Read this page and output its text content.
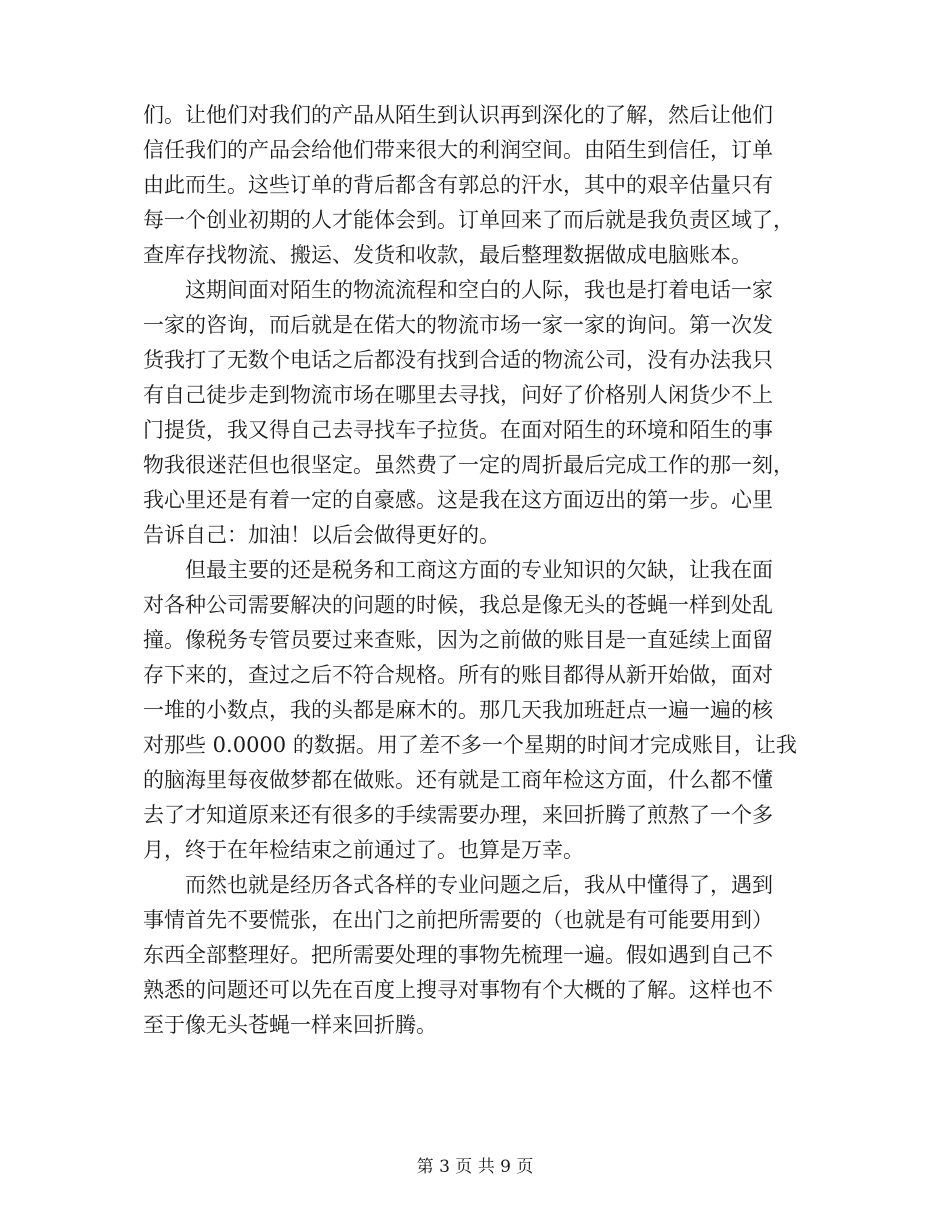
们。让他们对我们的产品从陌生到认识再到深化的了解，然后让他们
信任我们的产品会给他们带来很大的利润空间。由陌生到信任，订单
由此而生。这些订单的背后都含有郭总的汗水，其中的艰辛估量只有
每一个创业初期的人才能体会到。订单回来了而后就是我负责区域了，
查库存找物流、搬运、发货和收款，最后整理数据做成电脑账本。
　　这期间面对陌生的物流流程和空白的人际，我也是打着电话一家
一家的咨询，而后就是在偌大的物流市场一家一家的询问。第一次发
货我打了无数个电话之后都没有找到合适的物流公司，没有办法我只
有自己徒步走到物流市场在哪里去寻找，问好了价格别人闲货少不上
门提货，我又得自己去寻找车子拉货。在面对陌生的环境和陌生的事
物我很迷茫但也很坚定。虽然费了一定的周折最后完成工作的那一刻，
我心里还是有着一定的自豪感。这是我在这方面迈出的第一步。心里
告诉自己：加油！以后会做得更好的。
　　但最主要的还是税务和工商这方面的专业知识的欠缺，让我在面
对各种公司需要解决的问题的时候，我总是像无头的苍蝇一样到处乱
撞。像税务专管员要过来查账，因为之前做的账目是一直延续上面留
存下来的，查过之后不符合规格。所有的账目都得从新开始做，面对
一堆的小数点，我的头都是麻木的。那几天我加班赶点一遍一遍的核
对那些 0.0000 的数据。用了差不多一个星期的时间才完成账目，让我
的脑海里每夜做梦都在做账。还有就是工商年检这方面，什么都不懂
去了才知道原来还有很多的手续需要办理，来回折腾了煎熬了一个多
月，终于在年检结束之前通过了。也算是万幸。
　　而然也就是经历各式各样的专业问题之后，我从中懂得了，遇到
事情首先不要慌张，在出门之前把所需要的（也就是有可能要用到）
东西全部整理好。把所需要处理的事物先梳理一遍。假如遇到自己不
熟悉的问题还可以先在百度上搜寻对事物有个大概的了解。这样也不
至于像无头苍蝇一样来回折腾。
第 3 页 共 9 页
